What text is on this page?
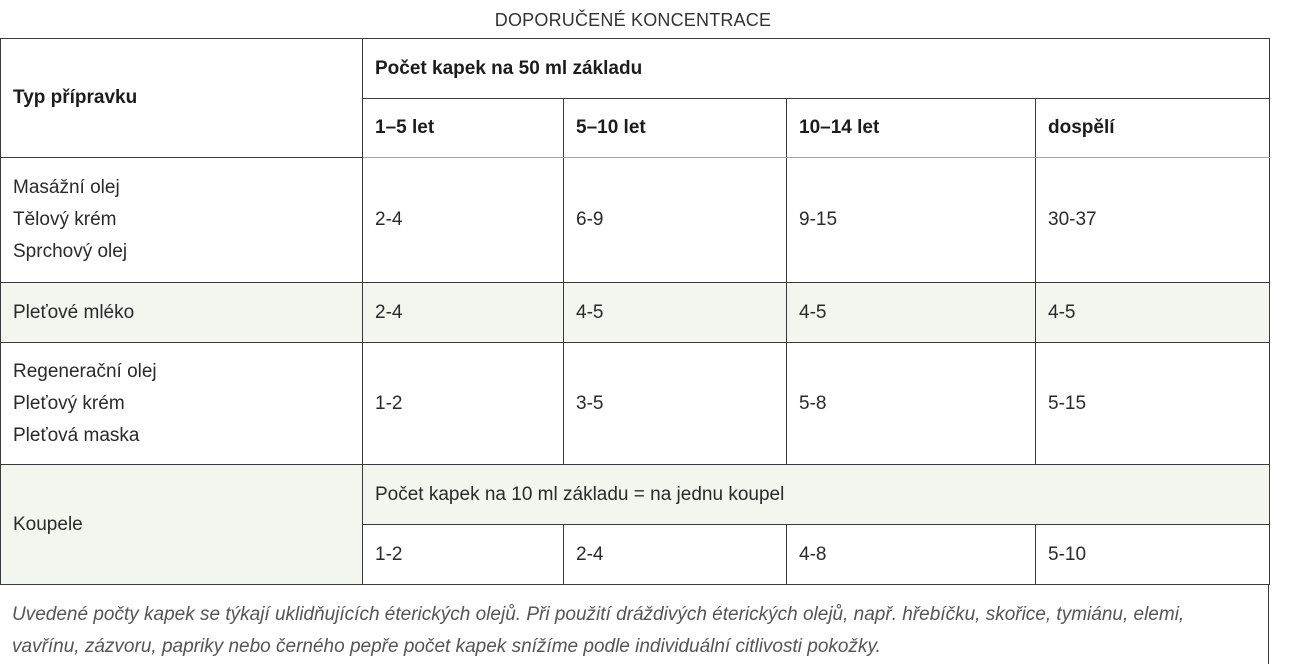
DOPORUČENÉ KONCENTRACE
Typ přípravku	Počet kapek na 50 ml základu			
	1–5 let	5–10 let	10–14 let	dospělí

Masážní olej
Tělový krém
Sprchový olej	2-4	6-9	9-15	30-37

Pleťové mléko	2-4	4-5	4-5	4-5

Regenerační olej
Pleťový krém
Pleťová maska	1-2	3-5	5-8	5-15
Koupele	Počet kapek na 10 ml základu = na jednu koupel			
	1-2	2-4	4-8	5-10
Uvedené počty kapek se týkají uklidňujících éterických olejů. Při použití dráždivých éterických olejů, např. hřebíčku, skořice, tymiánu, elemi, vavřínu, zázvoru, papriky nebo černého pepře počet kapek snížíme podle individuální citlivosti pokožky.
